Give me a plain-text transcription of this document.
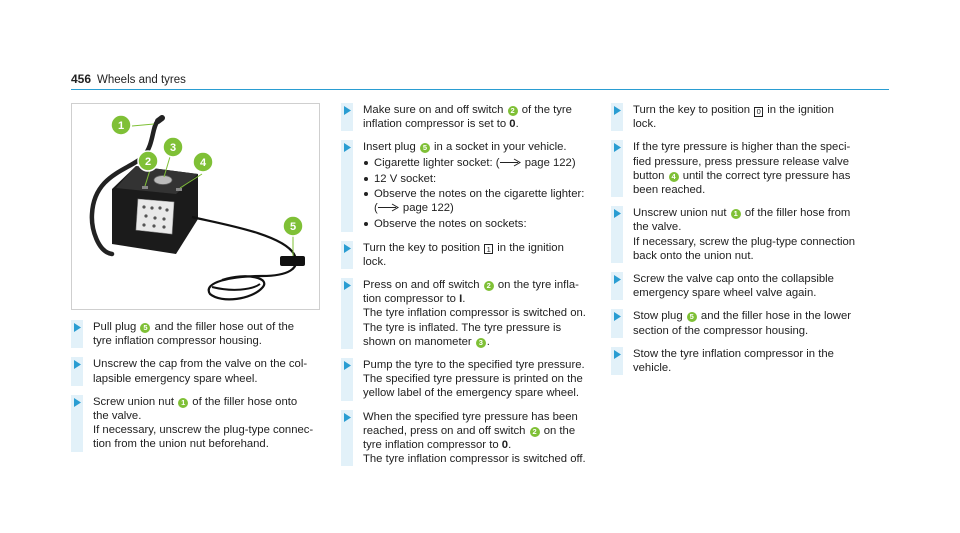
456 Wheels and tyres
1
3
2	4
5

Pull plug 5 and the filler hose out of the
tyre inflation compressor housing.

Unscrew the cap from the valve on the col-
lapsible emergency spare wheel.

Screw union nut 1 of the filler hose onto
the valve.
If necessary, unscrew the plug-type connec-
tion from the union nut beforehand.

Make sure on and off switch 2 of the tyre
inflation compressor is set to 0.

Insert plug 5 in a socket in your vehicle.

Cigarette lighter socket: ( page 122)
12 V socket:
Observe the notes on the cigarette lighter:
( page 122)
Observe the notes on sockets:

Turn the key to position 1 in the ignition
lock.

Press on and off switch 2 on the tyre infla-
tion compressor to I.
The tyre inflation compressor is switched on.
The tyre is inflated. The tyre pressure is
shown on manometer 3 .

Pump the tyre to the specified tyre pressure.
The specified tyre pressure is printed on the
yellow label of the emergency spare wheel.

When the specified tyre pressure has been
reached, press on and off switch 2 on the
tyre inflation compressor to 0.
The tyre inflation compressor is switched off.

Turn the key to position 0 in the ignition
lock.

If the tyre pressure is higher than the speci-
fied pressure, press pressure release valve
button 4 until the correct tyre pressure has
been reached.

Unscrew union nut 1 of the filler hose from
the valve.
If necessary, screw the plug-type connection
back onto the union nut.

Screw the valve cap onto the collapsible
emergency spare wheel valve again.

Stow plug 5 and the filler hose in the lower
section of the compressor housing.

Stow the tyre inflation compressor in the
vehicle.
